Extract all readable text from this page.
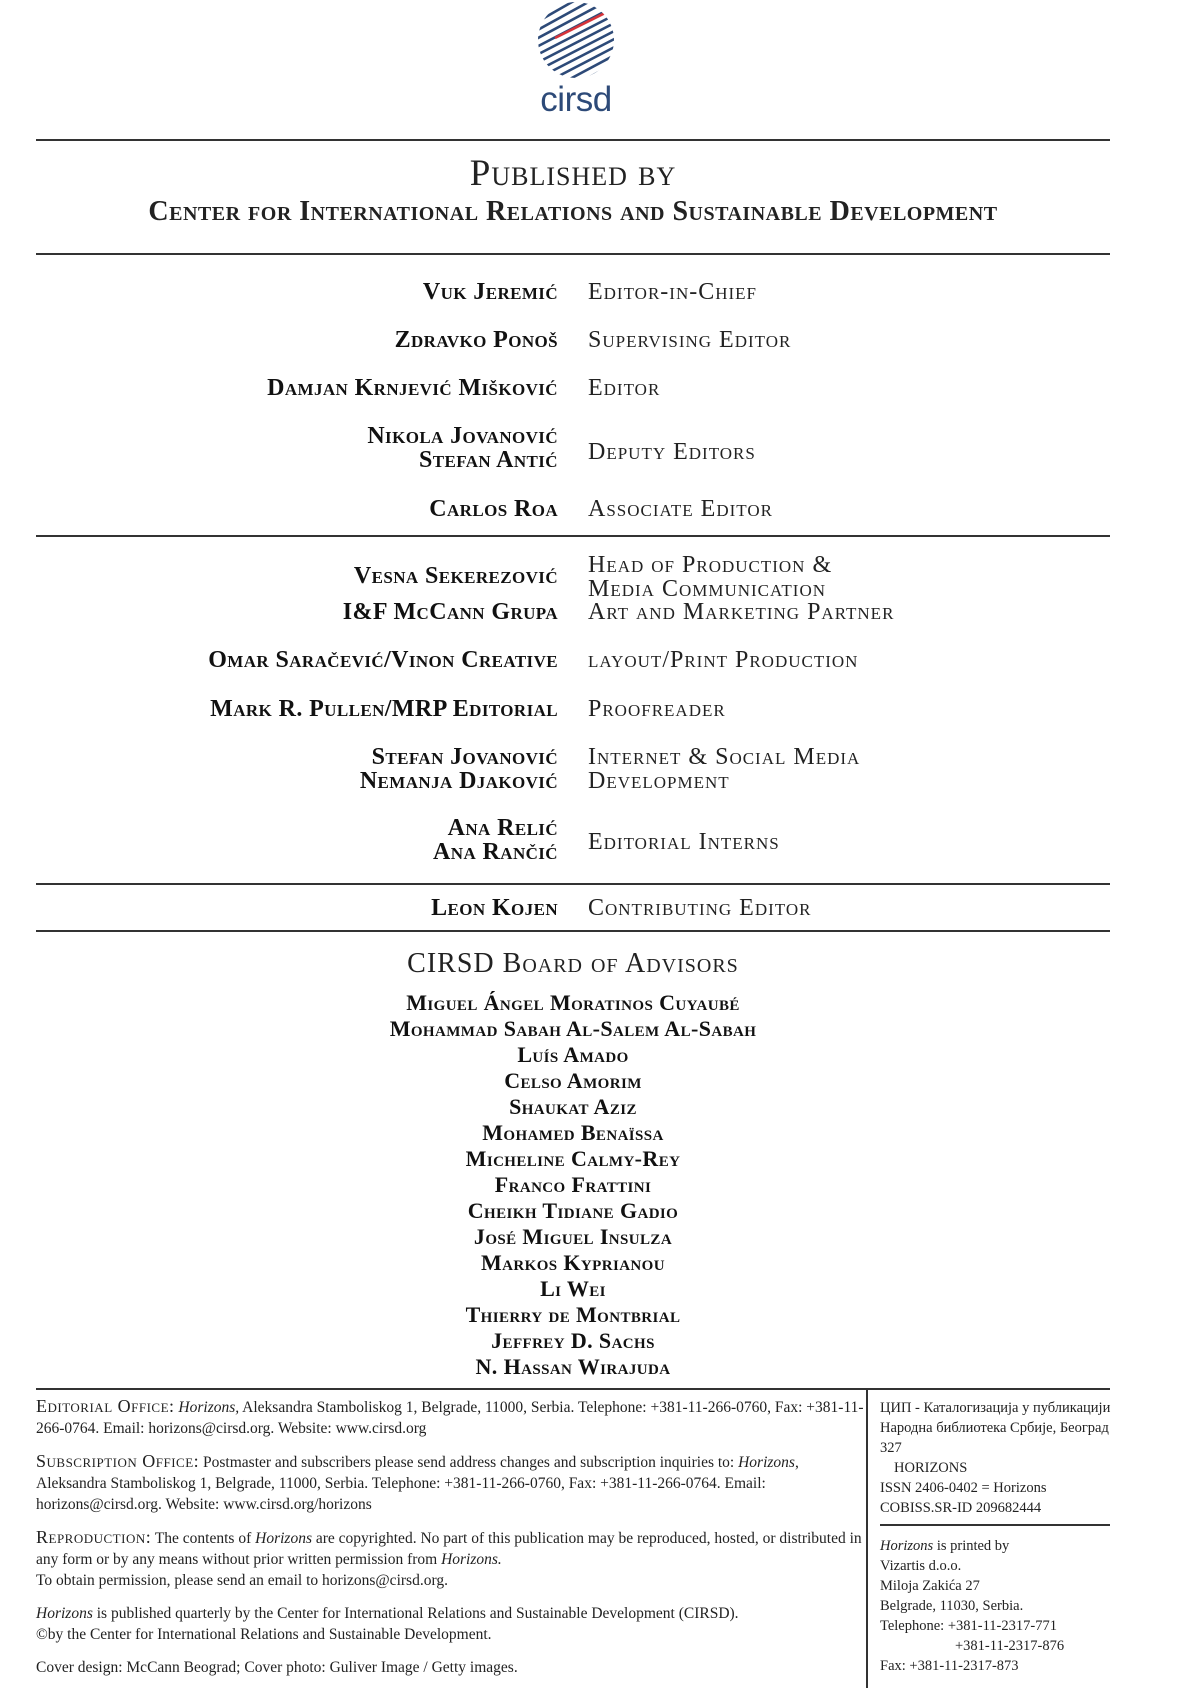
cirsd
Published by
Center for International Relations and Sustainable Development
Vuk Jeremić Editor-in-Chief
Zdravko Ponoš Supervising Editor
Damjan Krnjević Mišković Editor
Nikola Jovanović
Stefan Antić Deputy Editors
Carlos Roa Associate Editor
Vesna Sekerezović Head of Production &
Media Communication
I&F McCann Grupa Art and Marketing Partner
Omar Saračević/Vinon Creative layout/Print Production
Mark R. Pullen/MRP Editorial Proofreader
Stefan Jovanović
Nemanja Djaković
Internet & Social Media
Development
Ana Relić
Ana Rančić Editorial Interns
Leon Kojen Contributing Editor
CIRSD Board of Advisors
Miguel Ángel Moratinos Cuyaubé
Mohammad Sabah Al-Salem Al-Sabah
Luís Amado
Celso Amorim
Shaukat Aziz
Mohamed Benaïssa
Micheline Calmy-Rey
Franco Frattini
Cheikh Tidiane Gadio
José Miguel Insulza
Markos Kyprianou
Li Wei
Thierry de Montbrial
Jeffrey D. Sachs
N. Hassan Wirajuda

Editorial Office: Horizons, Aleksandra Stamboliskog 1, Belgrade, 11000, Serbia. Telephone: +381-11-266-0760, Fax: +381-11-266-0764. Email: horizons@cirsd.org. Website: www.cirsd.org

Subscription Office: Postmaster and subscribers please send address changes and subscription inquiries to: Horizons, Aleksandra Stamboliskog 1, Belgrade, 11000, Serbia. Telephone: +381-11-266-0760, Fax: +381-11-266-0764. Email: horizons@cirsd.org. Website: www.cirsd.org/horizons

Reproduction: The contents of Horizons are copyrighted. No part of this publication may be reproduced, hosted, or distributed in any form or by any means without prior written permission from Horizons.
To obtain permission, please send an email to horizons@cirsd.org.

Horizons is published quarterly by the Center for International Relations and Sustainable Development (CIRSD).
©by the Center for International Relations and Sustainable Development.

Cover design: McCann Beograd; Cover photo: Guliver Image / Getty images.

ЦИП - Каталогизација у публикацији
Народна библиотека Србије, Београд
327
HORIZONS
ISSN 2406-0402 = Horizons
COBISS.SR-ID 209682444
Horizons is printed by
Vizartis d.o.o.
Miloja Zakića 27
Belgrade, 11030, Serbia.
Telephone: +381-11-2317-771
+381-11-2317-876
Fax: +381-11-2317-873
